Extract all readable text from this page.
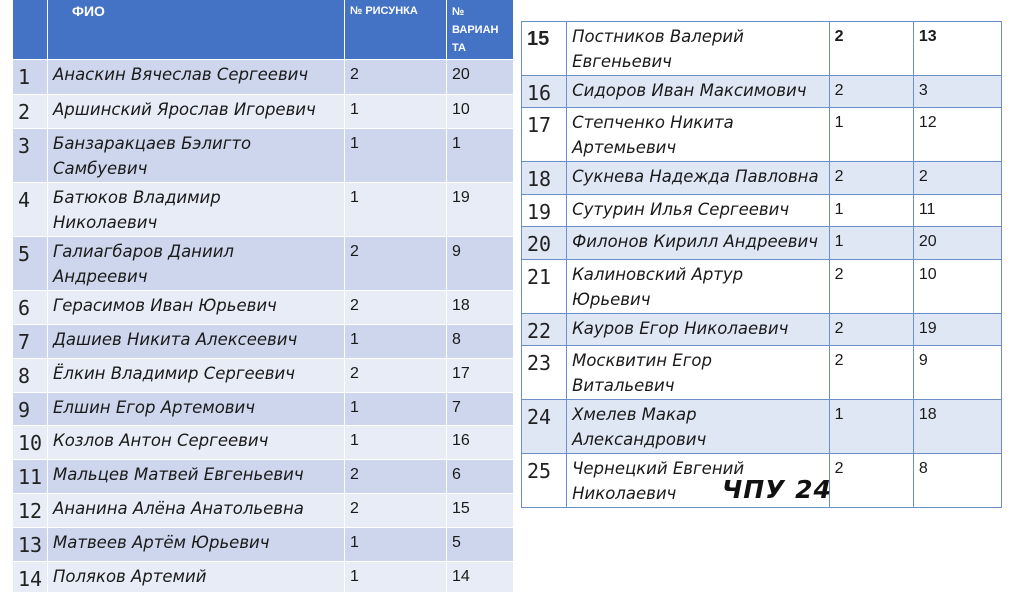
	ФИО	№ РИСУНКА	№ ВАРИАН ТА
1	Анаскин Вячеслав Сергеевич	2	20
2	Аршинский Ярослав Игоревич	1	10
3	Банзаракцаев Бэлигто
Самбуевич	1	1
4	Батюков Владимир
Николаевич	1	19
5	Галиагбаров Даниил
Андреевич	2	9
6	Герасимов Иван Юрьевич	2	18
7	Дашиев Никита Алексеевич	1	8
8	Ёлкин Владимир Сергеевич	2	17
9	Елшин Егор Артемович	1	7
10	Козлов Антон Сергеевич	1	16
11	Мальцев Матвей Евгеньевич	2	6
12	Ананина Алёна Анатольевна	2	15
13	Матвеев Артём Юрьевич	1	5
14	Поляков Артемий	1	14
15	Постников Валерий
Евгеньевич	2	13
16	Сидоров Иван Максимович	2	3
17	Степченко Никита
Артемьевич	1	12
18	Сукнева Надежда Павловна	2	2
19	Сутурин Илья Сергеевич	1	11
20	Филонов Кирилл Андреевич	1	20
21	Калиновский Артур
Юрьевич	2	10
22	Кауров Егор Николаевич	2	19
23	Москвитин Егор
Витальевич	2	9
24	Хмелев Макар
Александрович	1	18
25	Чернецкий Евгений
Николаевич	2	8
ЧПУ 24
